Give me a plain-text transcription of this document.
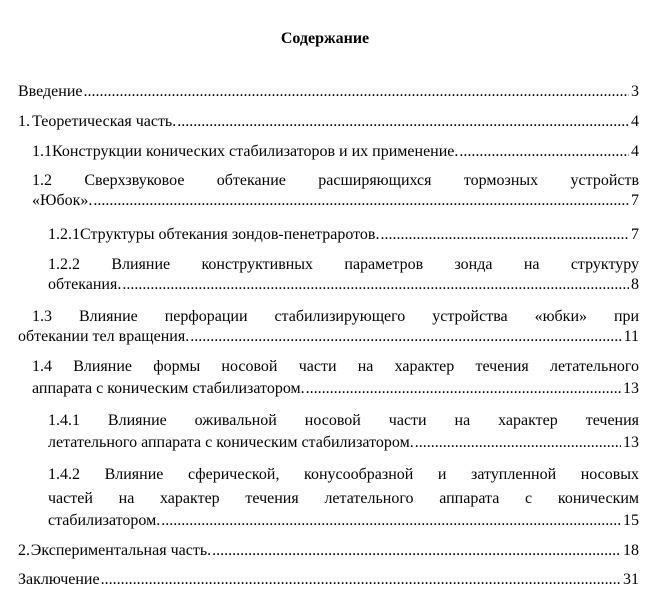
Содержание
Введение .....	3
1. Теоретическая часть. .....	4
1.1 Конструкции конических стабилизаторов и их применение. .....	4
1.2 Сверхзвуковое обтекание расширяющихся тормозных устройств
«Юбок». .....	7
1.2.1 Структуры обтекания зондов-пенетраротов. .....	7
1.2.2 Влияние конструктивных параметров зонда на структуру
обтекания. .....	8
1.3 Влияние перфорации стабилизирующего устройства «юбки» при
обтекании тел вращения. .....	11
1.4 Влияние формы носовой части на характер течения летательного
аппарата с коническим стабилизатором. .....	13
1.4.1 Влияние оживальной носовой части на характер течения
летательного аппарата с коническим стабилизатором. .....	13
1.4.2 Влияние сферической, конусообразной и затупленной носовых
частей на характер течения летательного аппарата с коническим
стабилизатором. .....	15
2. Экспериментальная часть. .....	18
Заключение .....	31
